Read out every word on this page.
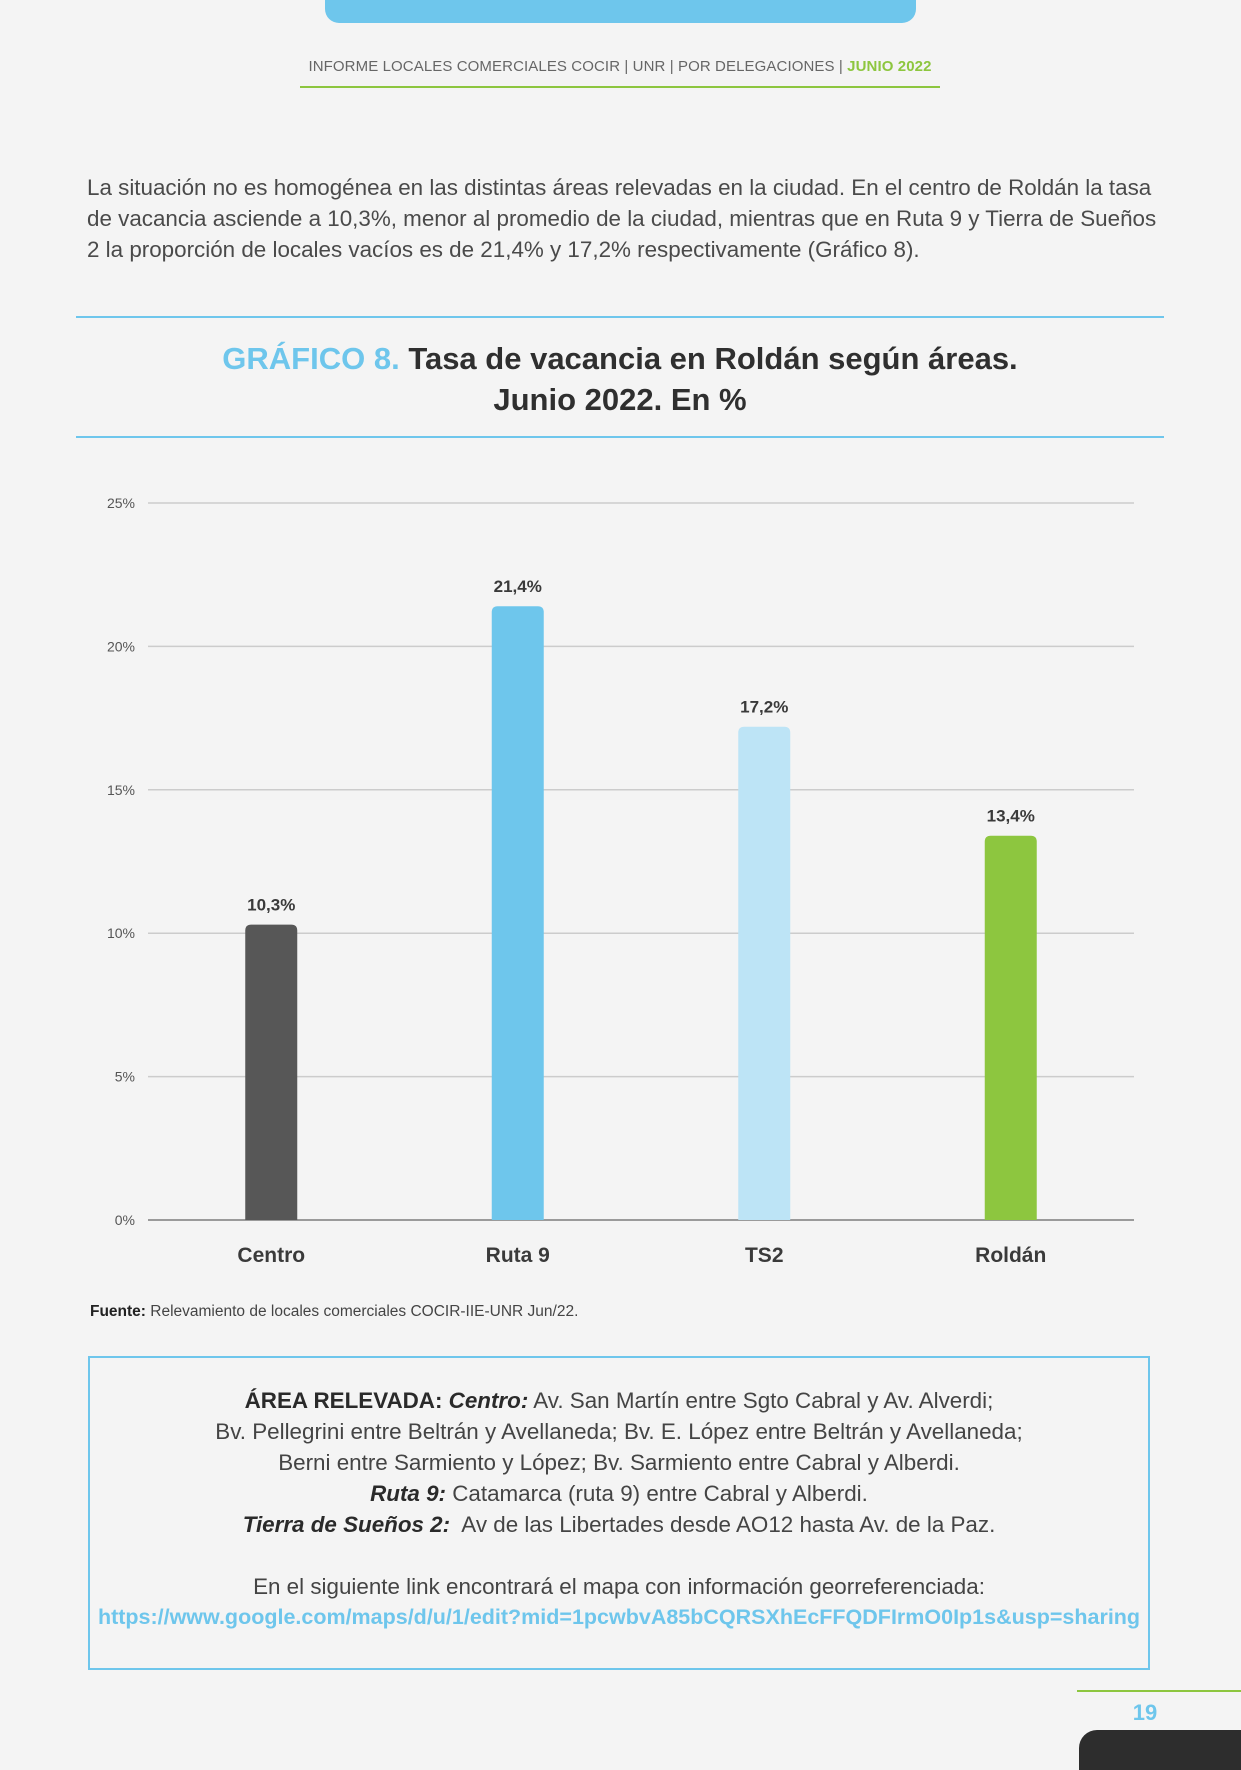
INFORME LOCALES COMERCIALES COCIR | UNR | POR DELEGACIONES | JUNIO 2022

La situación no es homogénea en las distintas áreas relevadas en la ciudad. En el centro de Roldán la tasa de vacancia asciende a 10,3%, menor al promedio de la ciudad, mientras que en Ruta 9 y Tierra de Sueños 2 la proporción de locales vacíos es de 21,4% y 17,2% respectivamente (Gráfico 8).

GRÁFICO 8. Tasa de vacancia en Roldán según áreas.
Junio 2022. En %
0%
5%
10%
15%
20%
25%
10,3%
Centro
21,4%
Ruta 9
17,2%
TS2
13,4%
Roldán
Fuente: Relevamiento de locales comerciales COCIR-IIE-UNR Jun/22.
ÁREA RELEVADA: Centro: Av. San Martín entre Sgto Cabral y Av. Alverdi;
Bv. Pellegrini entre Beltrán y Avellaneda; Bv. E. López entre Beltrán y Avellaneda;
Berni entre Sarmiento y López; Bv. Sarmiento entre Cabral y Alberdi.
Ruta 9: Catamarca (ruta 9) entre Cabral y Alberdi.
Tierra de Sueños 2:  Av de las Libertades desde AO12 hasta Av. de la Paz.
En el siguiente link encontrará el mapa con información georreferenciada:
https://www.google.com/maps/d/u/1/edit?mid=1pcwbvA85bCQRSXhEcFFQDFIrmO0Ip1s&usp=sharing
19
